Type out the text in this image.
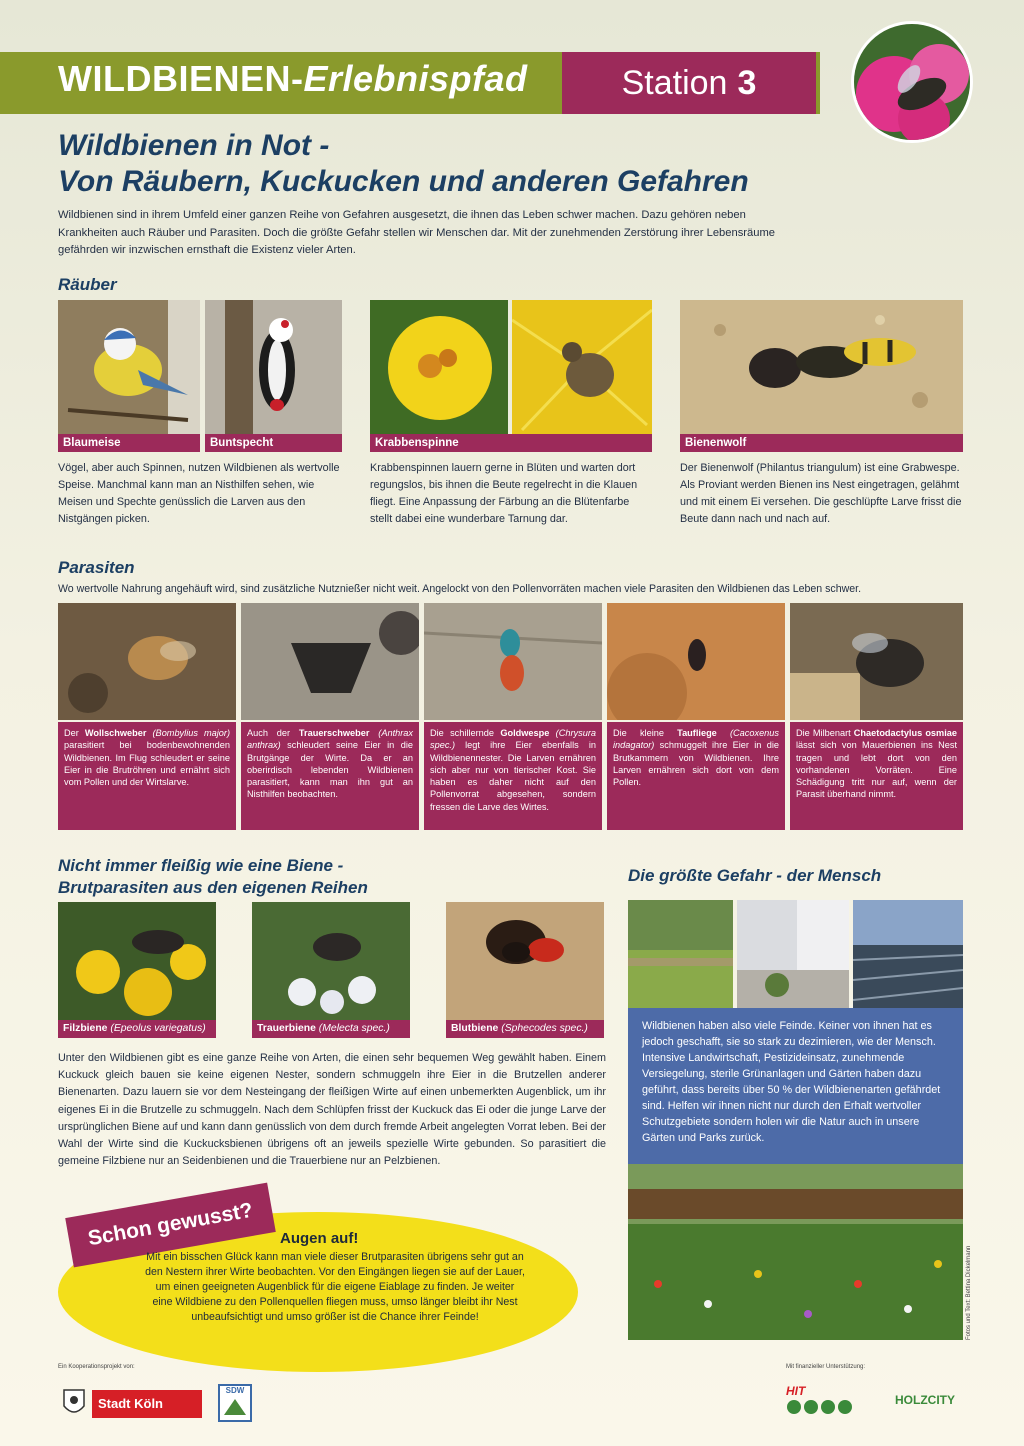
WILDBIENEN-Erlebnispfad	Station 3
Wildbienen in Not -
Von Räubern, Kuckucken und anderen Gefahren
Wildbienen sind in ihrem Umfeld einer ganzen Reihe von Gefahren ausgesetzt, die ihnen das Leben schwer machen. Dazu gehören neben Krankheiten auch Räuber und Parasiten. Doch die größte Gefahr stellen wir Menschen dar. Mit der zunehmenden Zerstörung ihrer Lebensräume gefährden wir inzwischen ernsthaft die Existenz vieler Arten.
Räuber
Blaumeise	Buntspecht	Krabbenspinne	Bienenwolf
Vögel, aber auch Spinnen, nutzen Wildbienen als wertvolle Speise. Manchmal kann man an Nisthilfen sehen, wie Meisen und Spechte genüsslich die Larven aus den Nistgängen picken.
Krabbenspinnen lauern gerne in Blüten und warten dort regungslos, bis ihnen die Beute regelrecht in die Klauen fliegt. Eine Anpassung der Färbung an die Blütenfarbe stellt dabei eine wunderbare Tarnung dar.
Der Bienenwolf (Philantus triangulum) ist eine Grabwespe. Als Proviant werden Bienen ins Nest eingetragen, gelähmt und mit einem Ei versehen. Die geschlüpfte Larve frisst die Beute dann nach und nach auf.
Parasiten
Wo wertvolle Nahrung angehäuft wird, sind zusätzliche Nutznießer nicht weit. Angelockt von den Pollenvorräten machen viele Parasiten den Wildbienen das Leben schwer.
Der Wollschweber (Bombylius major) parasitiert bei bodenbewohnenden Wildbienen. Im Flug schleudert er seine Eier in die Brutröhren und ernährt sich vom Pollen und der Wirtslarve.
Auch der Trauerschweber (Anthrax anthrax) schleudert seine Eier in die Brutgänge der Wirte. Da er an oberirdisch lebenden Wildbienen parasitiert, kann man ihn gut an Nisthilfen beobachten.
Die schillernde Goldwespe (Chrysura spec.) legt ihre Eier ebenfalls in Wildbienennester. Die Larven ernähren sich aber nur von tierischer Kost. Sie haben es daher nicht auf den Pollenvorrat abgesehen, sondern fressen die Larve des Wirtes.
Die kleine Taufliege (Cacoxenus indagator) schmuggelt ihre Eier in die Brutkammern von Wildbienen. Ihre Larven ernähren sich dort von dem Pollen.
Die Milbenart Chaetodactylus osmiae lässt sich von Mauerbienen ins Nest tragen und lebt dort von den vorhandenen Vorräten. Eine Schädigung tritt nur auf, wenn der Parasit überhand nimmt.
Nicht immer fleißig wie eine Biene -
Brutparasiten aus den eigenen Reihen
Filzbiene (Epeolus variegatus)	Trauerbiene (Melecta spec.)	Blutbiene (Sphecodes spec.)
Unter den Wildbienen gibt es eine ganze Reihe von Arten, die einen sehr bequemen Weg gewählt haben. Einem Kuckuck gleich bauen sie keine eigenen Nester, sondern schmuggeln ihre Eier in die Brutzellen anderer Bienenarten. Dazu lauern sie vor dem Nesteingang der fleißigen Wirte auf einen unbemerkten Augenblick, um ihr eigenes Ei in die Brutzelle zu schmuggeln. Nach dem Schlüpfen frisst der Kuckuck das Ei oder die junge Larve der ursprünglichen Biene auf und kann dann genüsslich von dem durch fremde Arbeit angelegten Vorrat leben. Bei der Wahl der Wirte sind die Kuckucksbienen übrigens oft an jeweils spezielle Wirte gebunden. So parasitiert die gemeine Filzbiene nur an Seidenbienen und die Trauerbiene nur an Pelzbienen.
Die größte Gefahr - der Mensch
Wildbienen haben also viele Feinde. Keiner von ihnen hat es jedoch geschafft, sie so stark zu dezimieren, wie der Mensch. Intensive Landwirtschaft, Pestizideinsatz, zunehmende Versiegelung, sterile Grünanlagen und Gärten haben dazu geführt, dass bereits über 50 % der Wildbienenarten gefährdet sind. Helfen wir ihnen nicht nur durch den Erhalt wertvoller Schutzgebiete sondern holen wir die Natur auch in unsere Gärten und Parks zurück.
Fotos und Text: Bettina Dickelmann
Schon gewusst?	Augen auf!
Mit ein bisschen Glück kann man viele dieser Brutparasiten übrigens sehr gut an den Nestern ihrer Wirte beobachten. Vor den Eingängen liegen sie auf der Lauer, um einen geeigneten Augenblick für die eigene Eiablage zu finden. Je weiter eine Wildbiene zu den Pollenquellen fliegen muss, umso länger bleibt ihr Nest unbeaufsichtigt und umso größer ist die Chance ihrer Feinde!
Ein Kooperationsprojekt von:
Stadt Köln
SDW
Mit finanzieller Unterstützung:
HIT
HOLZCITY
